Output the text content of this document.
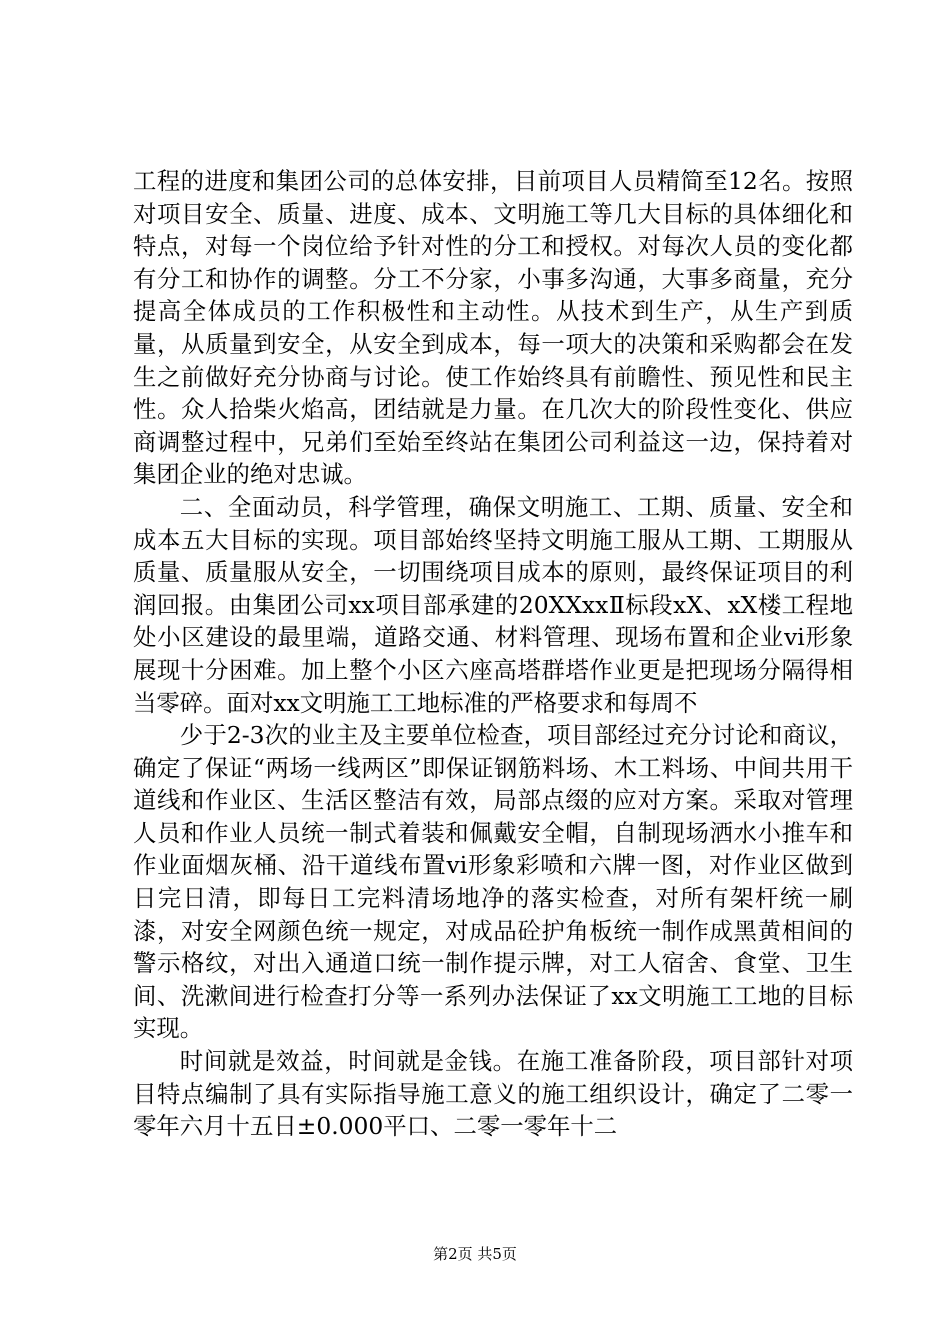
工程的进度和集团公司的总体安排，目前项目人员精简至12名。按照对项目安全、质量、进度、成本、文明施工等几大目标的具体细化和特点，对每一个岗位给予针对性的分工和授权。对每次人员的变化都有分工和协作的调整。分工不分家，小事多沟通，大事多商量，充分提高全体成员的工作积极性和主动性。从技术到生产，从生产到质量，从质量到安全，从安全到成本，每一项大的决策和采购都会在发生之前做好充分协商与讨论。使工作始终具有前瞻性、预见性和民主性。众人拾柴火焰高，团结就是力量。在几次大的阶段性变化、供应商调整过程中，兄弟们至始至终站在集团公司利益这一边，保持着对集团企业的绝对忠诚。

二、全面动员，科学管理，确保文明施工、工期、质量、安全和成本五大目标的实现。项目部始终坚持文明施工服从工期、工期服从质量、质量服从安全，一切围绕项目成本的原则，最终保证项目的利润回报。由集团公司xx项目部承建的20XXxxⅡ标段xX、xX楼工程地处小区建设的最里端，道路交通、材料管理、现场布置和企业vi形象展现十分困难。加上整个小区六座高塔群塔作业更是把现场分隔得相当零碎。面对xx文明施工工地标准的严格要求和每周不

少于2-3次的业主及主要单位检查，项目部经过充分讨论和商议，确定了保证“两场一线两区”即保证钢筋料场、木工料场、中间共用干道线和作业区、生活区整洁有效，局部点缀的应对方案。采取对管理人员和作业人员统一制式着装和佩戴安全帽，自制现场洒水小推车和作业面烟灰桶、沿干道线布置vi形象彩喷和六牌一图，对作业区做到日完日清，即每日工完料清场地净的落实检查，对所有架杆统一刷漆，对安全网颜色统一规定，对成品砼护角板统一制作成黑黄相间的警示格纹，对出入通道口统一制作提示牌，对工人宿舍、食堂、卫生间、洗漱间进行检查打分等一系列办法保证了xx文明施工工地的目标实现。

时间就是效益，时间就是金钱。在施工准备阶段，项目部针对项目特点编制了具有实际指导施工意义的施工组织设计，确定了二零一零年六月十五日±0.000平口、二零一零年十二

第2页 共5页
